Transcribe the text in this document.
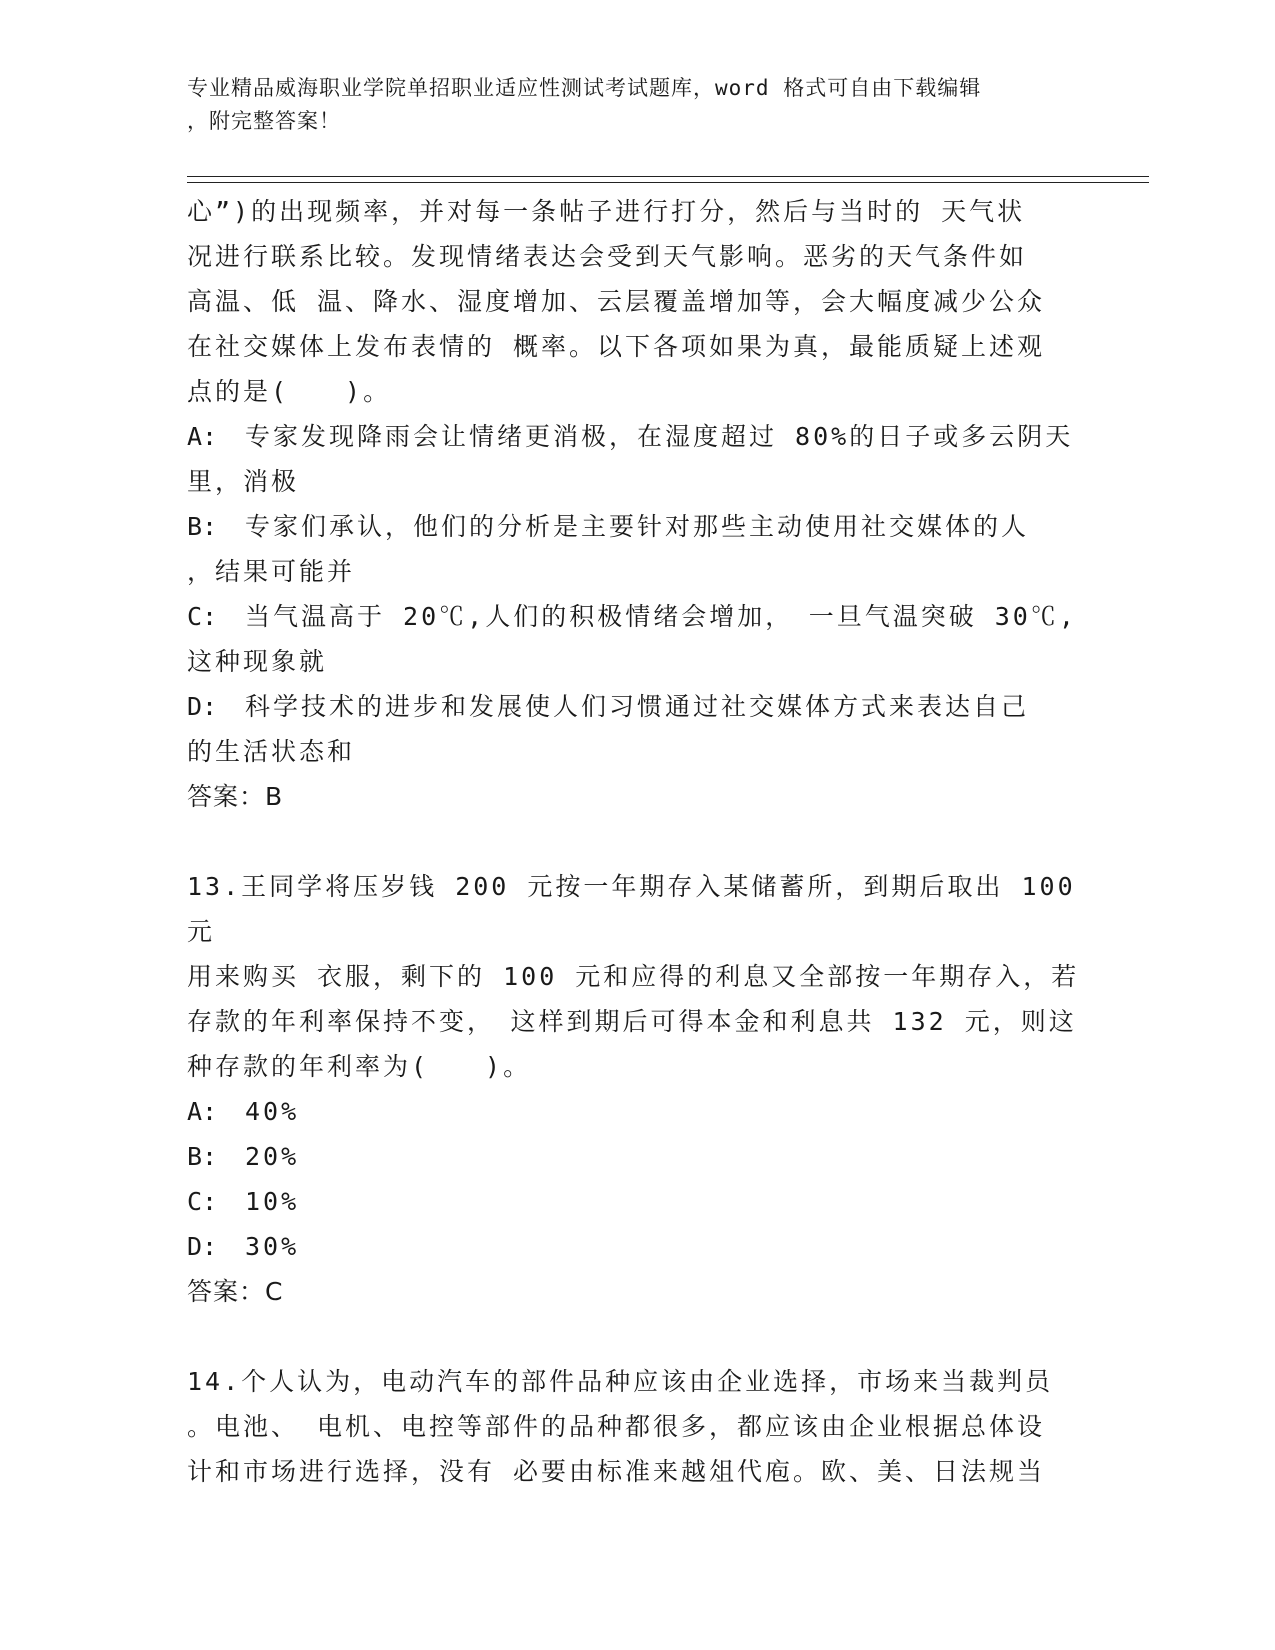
专业精品威海职业学院单招职业适应性测试考试题库，word 格式可自由下载编辑
，附完整答案！

心”)的出现频率，并对每一条帖子进行打分，然后与当时的 天气状

况进行联系比较。发现情绪表达会受到天气影响。恶劣的天气条件如

高温、低 温、降水、湿度增加、云层覆盖增加等，会大幅度减少公众

在社交媒体上发布表情的 概率。以下各项如果为真，最能质疑上述观

点的是(　　)。

A: 专家发现降雨会让情绪更消极，在湿度超过 80%的日子或多云阴天

里，消极

B: 专家们承认，他们的分析是主要针对那些主动使用社交媒体的人

，结果可能并

C: 当气温高于 20℃,人们的积极情绪会增加，　一旦气温突破 30℃,

这种现象就

D: 科学技术的进步和发展使人们习惯通过社交媒体方式来表达自己

的生活状态和

答案：B

13.王同学将压岁钱 200 元按一年期存入某储蓄所，到期后取出 100 元

用来购买 衣服，剩下的 100 元和应得的利息又全部按一年期存入，若

存款的年利率保持不变，　这样到期后可得本金和利息共 132 元，则这

种存款的年利率为(　　)。

A: 40%

B: 20%

C: 10%

D: 30%

答案：C

14.个人认为，电动汽车的部件品种应该由企业选择，市场来当裁判员

。电池、 电机、电控等部件的品种都很多，都应该由企业根据总体设

计和市场进行选择，没有 必要由标准来越俎代庖。欧、美、日法规当
